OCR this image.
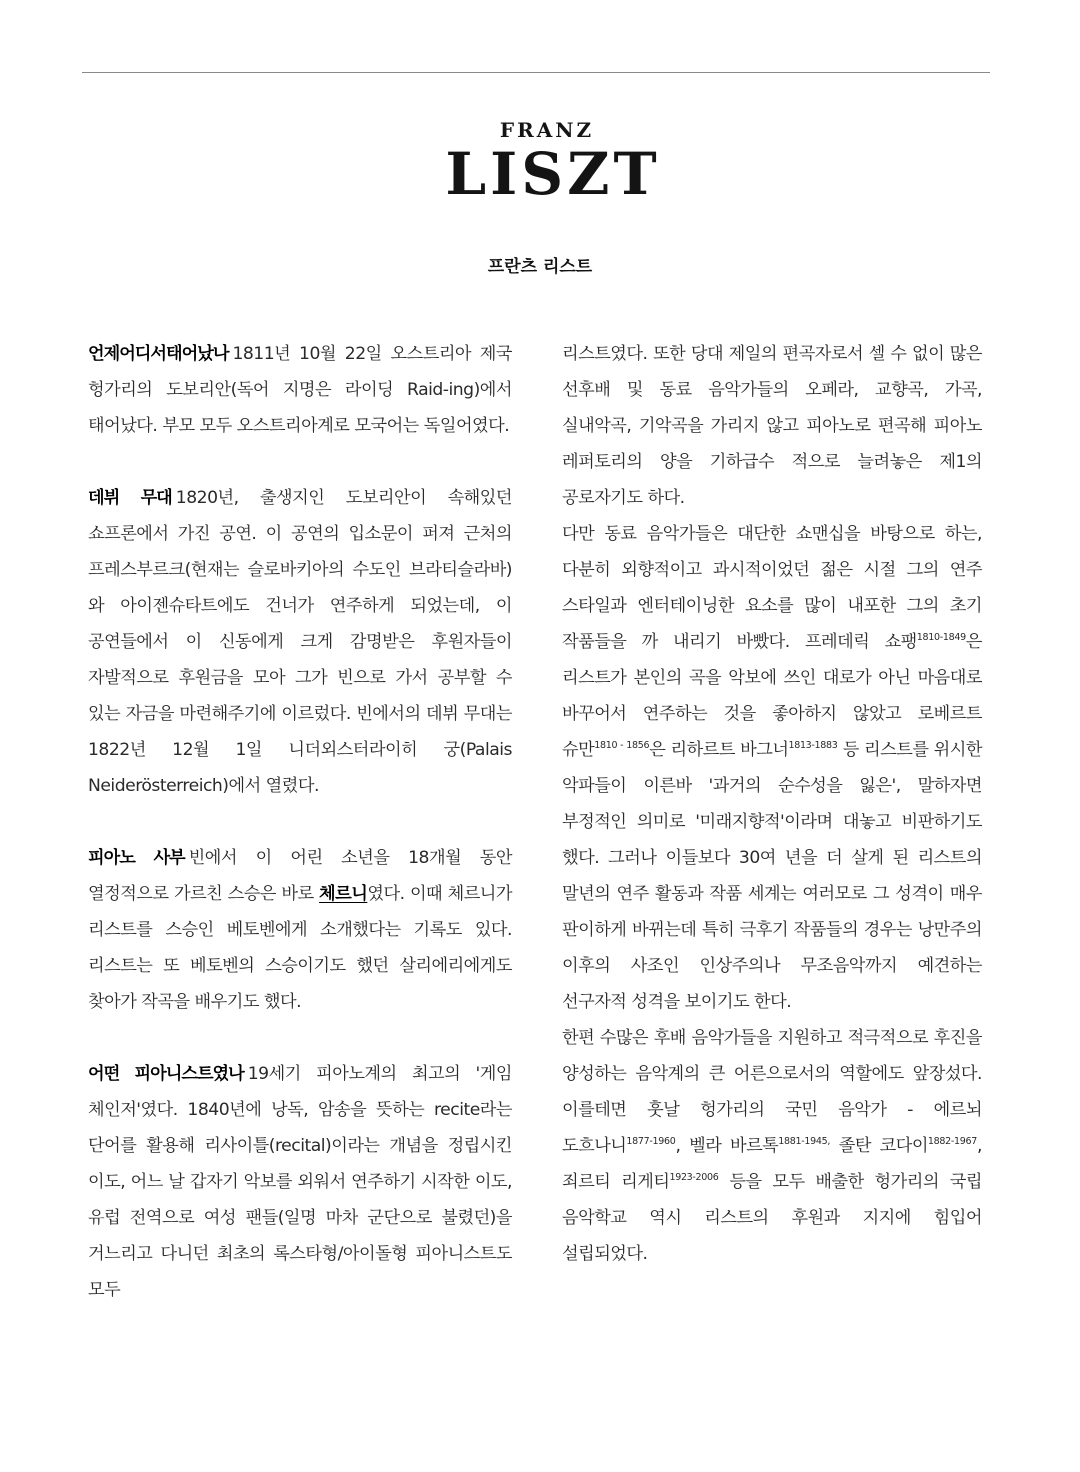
FRANZ
LISZT
프란츠 리스트

언제어디서태어났나 1811년 10월 22일 오스트리아 제국 헝가리의 도보리안(독어 지명은 라이딩 Raid-ing)에서 태어났다. 부모 모두 오스트리아계로 모국어는 독일어였다.

데뷔 무대 1820년, 출생지인 도보리안이 속해있던 쇼프론에서 가진 공연. 이 공연의 입소문이 퍼져 근처의 프레스부르크(현재는 슬로바키아의 수도인 브라티슬라바)와 아이젠슈타트에도 건너가 연주하게 되었는데, 이 공연들에서 이 신동에게 크게 감명받은 후원자들이 자발적으로 후원금을 모아 그가 빈으로 가서 공부할 수 있는 자금을 마련해주기에 이르렀다. 빈에서의 데뷔 무대는 1822년 12월 1일 니더외스터라이히 궁(Palais Neiderösterreich)에서 열렸다.

피아노 사부 빈에서 이 어린 소년을 18개월 동안 열정적으로 가르친 스승은 바로 체르니였다. 이때 체르니가 리스트를 스승인 베토벤에게 소개했다는 기록도 있다. 리스트는 또 베토벤의 스승이기도 했던 살리에리에게도 찾아가 작곡을 배우기도 했다.

어떤 피아니스트였나 19세기 피아노계의 최고의 '게임 체인저'였다. 1840년에 낭독, 암송을 뜻하는 recite라는 단어를 활용해 리사이틀(recital)이라는 개념을 정립시킨 이도, 어느 날 갑자기 악보를 외워서 연주하기 시작한 이도, 유럽 전역으로 여성 팬들(일명 마차 군단으로 불렸던)을 거느리고 다니던 최초의 록스타형/아이돌형 피아니스트도 모두

리스트였다. 또한 당대 제일의 편곡자로서 셀 수 없이 많은 선후배 및 동료 음악가들의 오페라, 교향곡, 가곡, 실내악곡, 기악곡을 가리지 않고 피아노로 편곡해 피아노 레퍼토리의 양을 기하급수 적으로 늘려놓은 제1의 공로자기도 하다.

다만 동료 음악가들은 대단한 쇼맨십을 바탕으로 하는, 다분히 외향적이고 과시적이었던 젊은 시절 그의 연주 스타일과 엔터테이닝한 요소를 많이 내포한 그의 초기 작품들을 까 내리기 바빴다. 프레데릭 쇼팽$^{1810-1849}$은 리스트가 본인의 곡을 악보에 쓰인 대로가 아닌 마음대로 바꾸어서 연주하는 것을 좋아하지 않았고 로베르트 슈만$^{1810 - 1856}$은 리하르트 바그너$^{1813-1883}$ 등 리스트를 위시한 악파들이 이른바 '과거의 순수성을 잃은', 말하자면 부정적인 의미로 '미래지향적'이라며 대놓고 비판하기도 했다. 그러나 이들보다 30여 년을 더 살게 된 리스트의 말년의 연주 활동과 작품 세계는 여러모로 그 성격이 매우 판이하게 바뀌는데 특히 극후기 작품들의 경우는 낭만주의 이후의 사조인 인상주의나 무조음악까지 예견하는 선구자적 성격을 보이기도 한다.

한편 수많은 후배 음악가들을 지원하고 적극적으로 후진을 양성하는 음악계의 큰 어른으로서의 역할에도 앞장섰다. 이를테면 훗날 헝가리의 국민 음악가 - 에르뇌 도흐나니$^{1877-1960}$, 벨라 바르톡$^{1881-1945,}$ 졸탄 코다이$^{1882-1967}$, 죄르티 리게티$^{1923-2006}$ 등을 모두 배출한 헝가리의 국립 음악학교 역시 리스트의 후원과 지지에 힘입어 설립되었다.
